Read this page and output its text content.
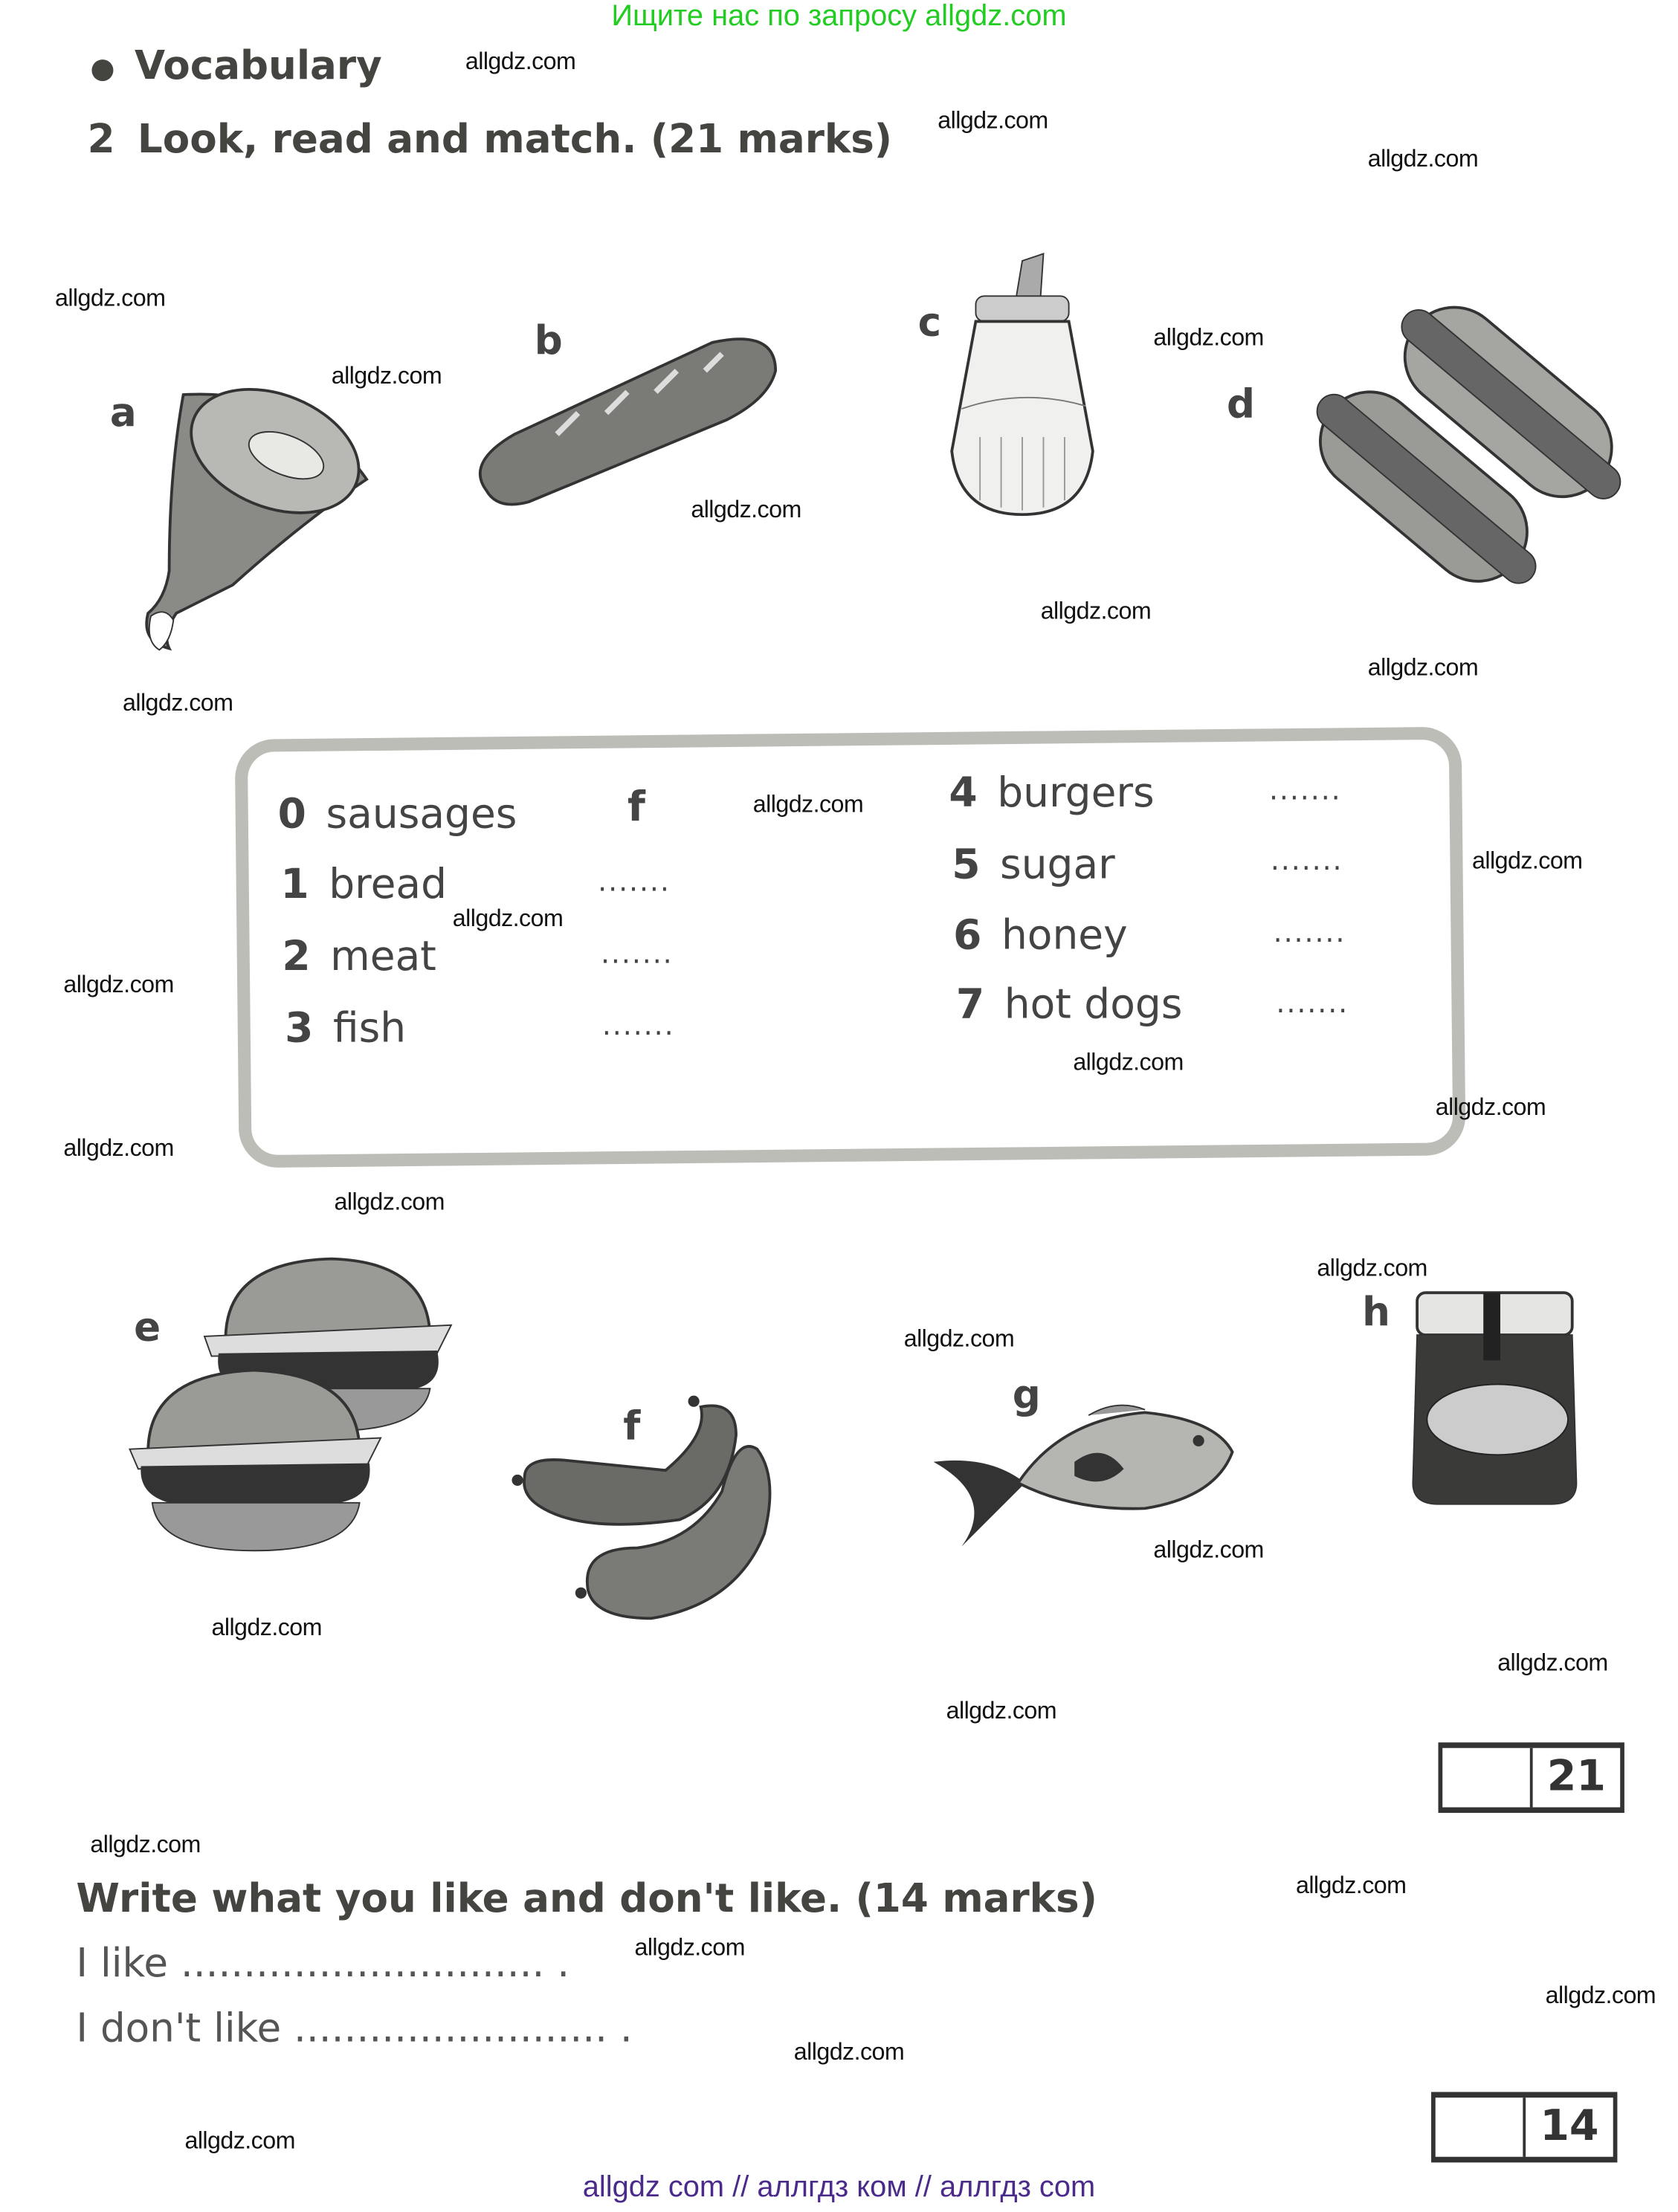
Ищите нас по запросу allgdz.com
● Vocabulary
2 Look, read and match. (21 marks)
a
b	c
d
e
f
g
h
0 sausages	f
1 bread	.......
2 meat	.......
3 fish	.......
4 burgers	.......
5 sugar	.......
6 honey	.......
7 hot dogs	.......
21
Write what you like and don't like. (14 marks)
I like ............................. .
I don't like ......................... .
14
allgdz.com
allgdz.com
allgdz.com
allgdz.com
allgdz.com
allgdz.com
allgdz.com
allgdz.com
allgdz.com
allgdz.com
allgdz.com
allgdz.com
allgdz.com
allgdz.com
allgdz.com
allgdz.com
allgdz.com
allgdz.com
allgdz.com
allgdz.com
allgdz.com
allgdz.com
allgdz.com
allgdz.com
allgdz.com
allgdz.com
allgdz.com
allgdz.com
allgdz.com
allgdz.com
allgdz com // аллгдз ком // аллгдз com
